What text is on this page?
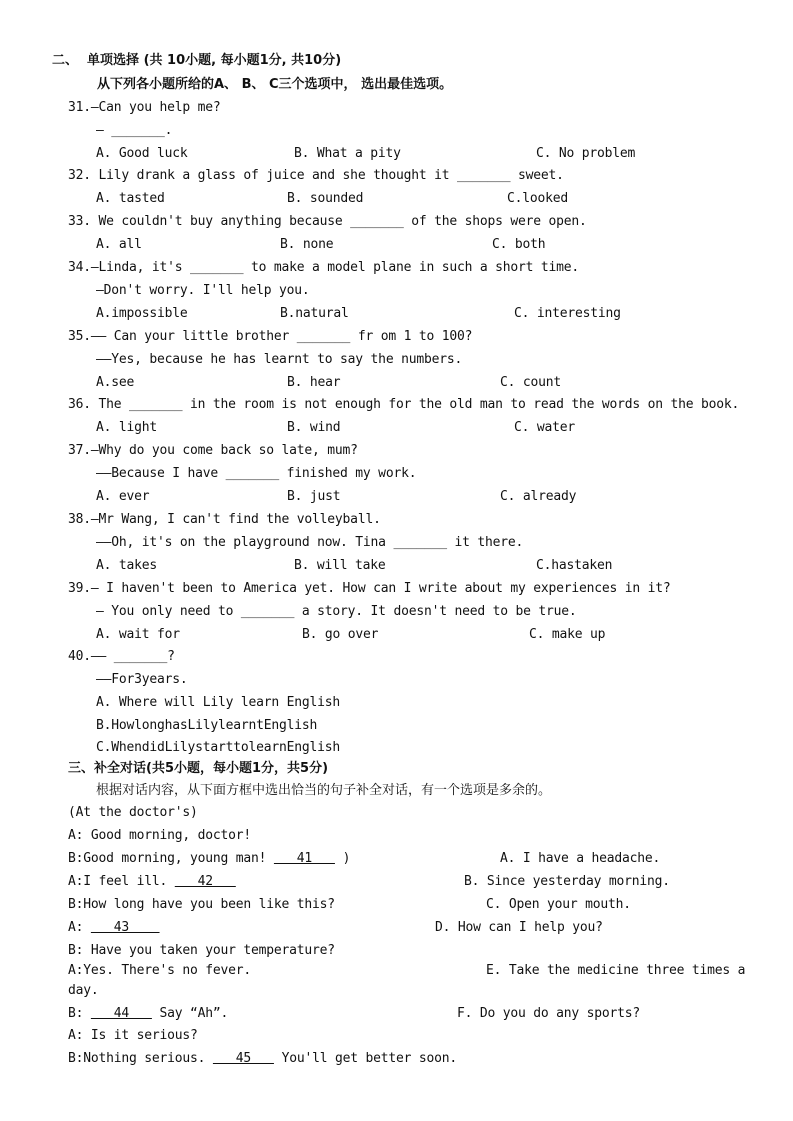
二、  单项选择 (共 10小题, 每小题1分, 共10分)
从下列各小题所给的A、 B、 C三个选项中， 选出最佳选项。
31.—Can you help me?
— _______.
A. Good luck	B. What a pity	C. No problem
32. Lily drank a glass of juice and she thought it _______ sweet.
A. tasted	B. sounded	C.looked
33. We couldn't buy anything because _______ of the shops were open.
A. all	B. none	C. both
34.—Linda, it's _______ to make a model plane in such a short time.
—Don't worry. I'll help you.
A.impossible	B.natural	C. interesting
35.—— Can your little brother _______ fr om 1 to 100?
——Yes, because he has learnt to say the numbers.
A.see	B. hear	C. count
36. The _______ in the room is not enough for the old man to read the words on the book.
A. light	B. wind	C. water
37.—Why do you come back so late, mum?
——Because I have _______ finished my work.
A. ever	B. just	C. already
38.—Mr Wang, I can't find the volleyball.
——Oh, it's on the playground now. Tina _______ it there.
A. takes	B. will take	C.hastaken
39.— I haven't been to America yet. How can I write about my experiences in it?
— You only need to _______ a story. It doesn't need to be true.
A. wait for	B. go over	C. make up
40.—— _______?
——For3years.
A. Where will Lily learn English
B.HowlonghasLilylearntEnglish
C.WhendidLilystarttolearnEnglish
三、补全对话(共5小题，每小题1分，共5分)
根据对话内容，从下面方框中选出恰当的句子补全对话，有一个选项是多余的。
(At the doctor's)
A: Good morning, doctor!
B:Good morning, young man!    41    )	A. I have a headache.
A:I feel ill.    42	B. Since yesterday morning.
B:How long have you been like this?	C. Open your mouth.
A:    43	D. How can I help you?
B: Have you taken your temperature?
A:Yes. There's no fever.	E. Take the medicine three times a
day.
B:    44    Say “Ah”.	F. Do you do any sports?
A: Is it serious?
B:Nothing serious.    45    You'll get better soon.
